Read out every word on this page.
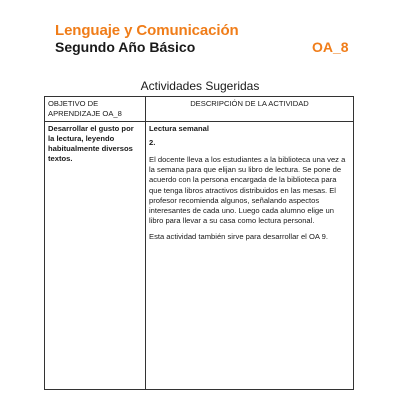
Lenguaje y Comunicación
Segundo Año Básico	OA_8
Actividades Sugeridas
OBJETIVO DE APRENDIZAJE OA_8	DESCRIPCIÓN DE LA ACTIVIDAD

Desarrollar el gusto por la lectura, leyendo habitualmente diversos textos.	Lectura semanal
2.
El docente lleva a los estudiantes a la biblioteca una vez a la semana para que elijan su libro de lectura. Se pone de acuerdo con la persona encargada de la biblioteca para que tenga libros atractivos distribuidos en las mesas. El profesor recomienda algunos, señalando aspectos interesantes de cada uno. Luego cada alumno elige un libro para llevar a su casa como lectura personal.
Esta actividad también sirve para desarrollar el OA 9.
